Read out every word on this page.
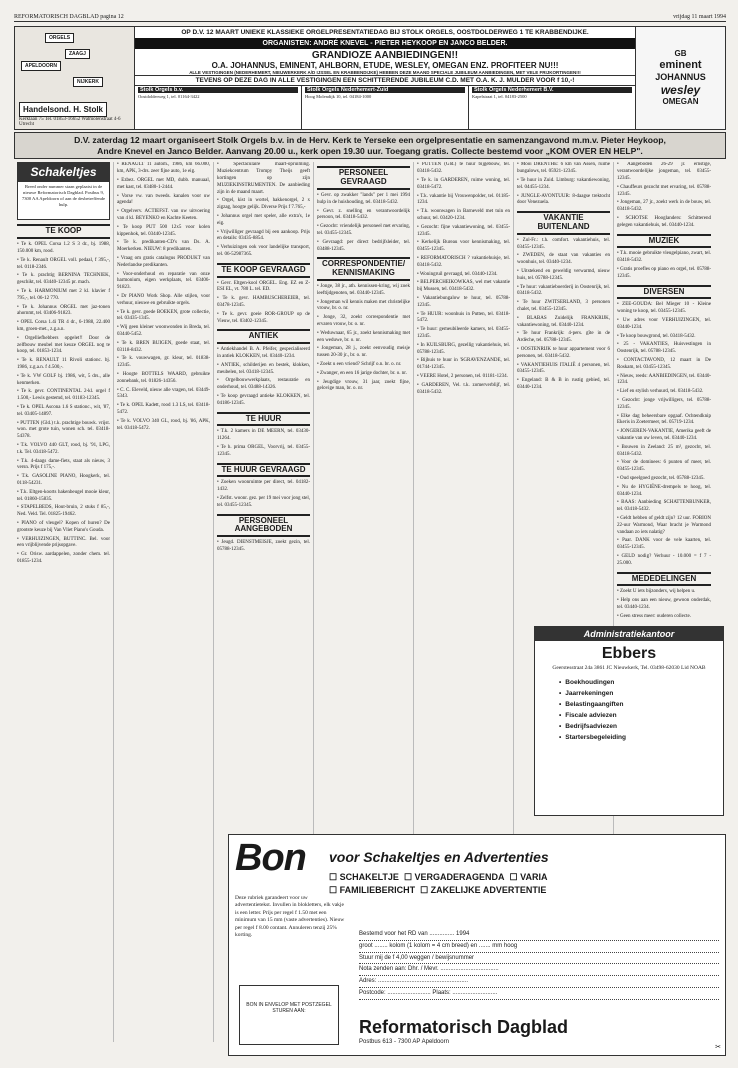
REFORMATORISCH DAGBLAD pagina 12	vrijdag 11 maart 1994
ORGELS
ZAAGJ
APELDOORN
NIJKERK
Handelsond. H. Stolk
Kerklaan 75 Tel. 01853-16652 Watmolenstraat 4-6 Utrecht
OP D.V. 12 MAART UNIEKE KLASSIEKE ORGELPRESENTATIEDAG BIJ STOLK ORGELS, OOSTDOLDERWEG 1 TE KRABBENDIJKE.
ORGANISTEN: ANDRÉ KNEVEL - PIETER HEYKOOP EN JANCO BELDER.
GRANDIOZE AANBIEDINGEN!!
O.A. JOHANNUS, EMINENT, AHLBORN, ETUDE, WESLEY, OMEGAN ENZ. PROFITEER NU!!!
ALLE VESTIGINGEN (NEDERHEMERT, NIEUWERKERK A/D IJSSEL EN KRABBENDIJKE) HEBBEN DEZE MAAND SPECIALE JUBILEUM AANBIEDINGEN, MET VELE FRIJKORTINGEN!!!
TEVENS OP DEZE DAG IN ALLE VESTIGINGEN EEN SCHITTERENDE JUBILEUM C.D. MET O.A. K. J. MULDER VOOR f 10,-!
Stolk Orgels b.v.
Oostdolderweg 1, tel. 01164-3422
Stolk Orgels Nederhemert-Zuid
Hoog Molendijk 10, tel. 04184-1000
Stolk Orgels Nederhemert B.V.
Kapelstraat 1, tel. 04183-2500
GB
eminent
JOHANNUS
wesley
OMEGAN
D.V. zaterdag 12 maart organiseert Stolk Orgels b.v. in de Herv. Kerk te Yerseke een orgelpresentatie en samenzangavond m.m.v. Pieter Heykoop,
Andre Knevel en Janco Belder. Aanvang 20.00 u., kerk open 19.30 uur. Toegang gratis. Collecte bestemd voor „KOM OVER EN HELP".
Schakeltjes
Breed onder nummer staan geplaatst in de nieuwe Reformatorisch Dagblad. Postbus 9, 7300 AA Apeldoorn of aan de desbetreffende hulp.
TE KOOP

• Te k. OPEL Corsa 1.2 S 3 dr., bj. 1988, 150.000 km, rood.

• Te k. Renault ORGEL voll. pedaal, f 395,-, tel. 0118-2346.

• Te k. prachtig BERNINA TECHNIEK, geschikt, tel. 03440-12345 pr. mach.

• Te k. HARMONIUM met 2 kl. klavier f 795,-, tel. 06-12 770.

• Te k. Johannus ORGEL met jaz-tonen ahornmt, tel. 03406-91823.

• OPEL Corsa 1.4i TR 4 dr., 6-1988, 22.400 km, groen-met., z.g.a.n.

• Orgelliefhebbers opgelet!! Door de zelfbouw meubel met keuze ORGEL nog te koop, tel. 01853-1234.

• Te k. RENAULT 11 Rivoli stationc. bj. 1986, z.g.a.n. f 4.500,-.

• Te k. VW GOLF bj. 1986, wit, 5 drs., alle kenmerken.

• Te k. gevr. CONTINENTAL 2-kl. orgel f 1.500,- Lewis gestemd, tel. 01183-12345.

• Te k. OPEL Ascona 1.6 S stationc., wit, '87, tel. 03405-14897.

• PUTTEN (Gld.) t.k. prachtige bouwk. vrijst. won. met grote tuin, wonen sch. tel. 03418-54378.

• T.k. VOLVO 440 GLT, rood, bj. '91, LPG, t.k. Tel. 03418-5472.

• T.k. 4-daags dame-fiets, staat als nieuw, 3 versn. Prijs f 175,-.

• T.k. GASOLINE PIANO, Hoogkerk, tel. 0118-54231.

• T.k. Eltgen-koorts hakenbeugel mooie kleur, tel. 01860-15835.

• STAPELBEDS, Hout-bruin, 2 stuks f 85,-, Ned. Veld. Tel. 01825-19462.

• PIANO of vleugel? Kopen of huren? De grootste keuze bij Van Vliet Piano's Gouda.

• VERHUIZINGEN, BUTTINC. Bel. voor een vrijblijvende prijsopgave.

• Gr. Orisw. aardappelen, zonder chem. tel. 01855-1234.

• RENAULT 11 autom., 1986, km 66.000, km, APK, 3-drs. zeer fijne auto, 1e eig.

• Ezbez. ORGEL met MD, dubb. manuaal, met kast, tel. 03480-1-2444.

• Vorse vw. van tweeds. kanalen voor uw agenda!

• Orgelverv. ACTIEFST. van uw uitvoering van 4 kl. BEYENKO en Kachte Keeten.

• Te koop PUT 500 12x5 voor kolen kippenhok, tel. 03440-12345.

• Te k. predikanten-CD's van Ds. A. Moerkerken. NIEUW: 8 predikanten.

• Vraag om gratis catalogus PRODUKT van Nederlandse predikanten.

• Voor-onderhoud en reparatie van onze harmonium, eigen werkplaats, tel. 03406-91823.

• Dr PIANO Work Shop. Alle stijlen, voor verhuur, nieuwe en gebruikte orgels.

• Te k. gevr. goede BOEKEN, grote collectie, tel. 03435-1345.

• Wij geen kleiner woonwonden in Breda, tel. 03440-5452.

• Te k. BREN BUIGEN, goede staat, tel. 03118-8432.

• Te k. vouwwagen, gr. kleur, tel. 01838-12345.

• Hoogte BOTTELS WAARD, gebruikte zonnebank, tel. 01826-14356.

• C. C. Eleveld, nieuw alle vragen, tel. 03449-5343.

• Te k. OPEL Kadett, rood 1.3 LS, tel. 03418-5472.

• Te k. VOLVO 340 GL, rood, bj. '86, APK, tel. 03418-5472.

• Spectaculaire maart-opruiming. Muziekcentrum Trompy Theijs geeft kortingen op zijn MUZIEKINSTRUMENTEN. De aanbieding zijn in de maand maart.

• Orgel, kist in wortel, hakkenorgel, 2 x zigzag, hoogte gelijk. Diverse Prijs f 7.765,-

• Johannus orgel met speler, alle extra's, 1e eig.

• Vrijwilliger gevraagd bij een aankoop. Prijs en details: 03435-8854.

• Verhuizingen ook voor landelijke transport, tel. 06-52987365.

TE KOOP GEVRAAGD

• Gevr. Eltgen-kool ORGEL. Eng. EZ en Z-ESI EL, vt. 780 L. tel. ED.

• Te k. gevr. HAMBUSCHEREIER, tel. 03478-12345.

• Te k. gevr. goeie ROR-GROUP op de Vieuw, tel. 03402-12345.

ANTIEK

• Antiekhandel B. A. Pfeifer, gespecialiseerd in antiek KLOKKEN, tel. 03440-1234.

• ANTIEK, schilderijen en bestek, klokken, meubelen, tel. 03418-12345.

• Orgelbouwwerkplaats, restauratie en onderhoud, tel. 03488-14326.

• Te koop gevraagd antieke KLOKKEN, tel. 04186-12345.

TE HUUR

• T.k. 2 kamers in DE MEERN, tel. 03430-11264.

• Te h. prima ORGEL, Voorvrij, tel. 03455-12345.

TE HUUR GEVRAAGD

• Zoeken woonruimte per direct, tel. 04182-1432.

• Zelfst. woonr. gez. per 19 mei voor jong stel, tel. 03455-12345.

PERSONEEL AANGEBODEN

• Jeugd. DIENSTMEISJE, zoekt gezin, tel. 05788-12345.

PERSONEEL GEVRAAGD

• Gevr. op zwakker "lands" per 1 mei 1994 hulp in de huishouding, tel. 03418-5432.

• Gevr. z. snelling en verantwoordelijk persoon, tel. 03418-5432.

• Gezocht: vriendelijk personeel met ervaring, tel. 03455-12345.

• Gevraagd: per direct bedrijfsleider, tel. 03488-12345.

CORRESPONDENTIE/ KENNISMAKING

• Jonge, 38 jr., ath. kennissen-kring, wij zoek leeftijdgenoten, tel. 03440-12345.

• Jongeman wil kennis maken met christelijke vrouw, br. o. nr.

• Jonge, 32, zoekt correspondentie met ervaren vrouw, br. o. nr.

• Weduwnaar, 65 jr., zoekt kennismaking met een weduwe, br. o. nr.

• Jongeman, 28 j., zoekt eenvoudig meisje tussen 20-30 jr., br. o. nr.

• Zoekt u een vriend? Schrijf o.n. br. o. nr.

• Zwanger, en een 16 jarige dochter, br. o. nr.

• Jeugdige vrouw, 31 jaar, zoekt fijne, gelovige man, br. o. nr.

• PUTTEN (Gld.) te huur bijgebouw, tel. 03418-5432.

• Te k. in GARDEREN, ruime woning, tel. 03418-5472.

• T.k. vakantie bij Vrouwenpolder, tel. 01185-1234.

• T.k. woonwagen in Barneveld met tuin en schuur, tel. 03420-1234.

• Gezocht: fijne vakantiewoning, tel. 03455-12345.

• Kerkelijk Bureau voor kennismaking, tel. 03455-12345.

• REFORMATORISCH ? vakantiehuisje, tel. 03418-5432.

• Woningruil gevraagd, tel. 03440-1234.

• BELPERCHEIKOWKAS, wel met vakantie bij Mussen, tel. 03418-5432.

• Vakantiebungalow te huur, tel. 05788-12345.

• Te HUUR: woonhuis in Putten, tel. 03418-5472.

• Te huur: gemeubileerde kamers, tel. 03455-12345.

• In KUILSBURG, gezellig vakantiehuis, tel. 05788-12345.

• Bijhuis te huur in 'SGRAVENZANDE, tel. 01744-12345.

• VEERE Hotel, 2 personen, tel. 01181-1234.

• GARDEREN, Vel. t.k. zomerverblijf, tel. 03418-5432.

• Mooi DRENTHE: 6 km van Assen, ruime bungalows, tel. 05921-12345.

• Te huur in Zuid. Limburg: vakantiewoning, tel. 04455-1234.

• JUNGLE-AVONTUUR: 8-daagse trektocht door Venezuela.

VAKANTIE BUITENLAND

• Zul-Fr.: t.h. comfort. vakantiehuis, tel. 03455-12345.

• ZWEDEN, de staat van vakanties en woonhuis, tel. 03440-1234.

• Uitstekend en geweldig verwarmd, nieuw huis, tel. 05788-12345.

• Te huur: vakantieboerderij in Oostenrijk, tel. 03418-5432.

• Te huur ZWITSERLAND, 3 personen chalet, tel. 03455-12345.

• BLABAS Zuidelijk FRANKRIJK, vakantiewoning, tel. 03440-1234.

• Te huur Frankrijk: 4-pers. gîte in de Ardèche, tel. 05788-12345.

• OOSTENRIJK te huur appartement voor 6 personen, tel. 03418-5432.

• VAKANTIEHUIS ITALIË 4 personen, tel. 03455-12345.

• Engeland: B & B in rustig gebied, tel. 03440-1234.

• Aangeboden 26-29 jr. ernstige, verantwoordelijke jongeman, tel. 03455-12345.

• Chauffeurs gezocht met ervaring, tel. 05788-12345.

• Jongeman, 27 jr., zoekt werk in de bouw, tel. 03418-5432.

• SCHOTSE Hooglanders: Schitterend gelegen vakantiehuis, tel. 03440-1234.

MUZIEK

• T.k. mooie gebruikte vleugelpiano, zwart, tel. 03418-5432.

• Gratis proefles op piano en orgel, tel. 05788-12345.

DIVERSEN

• ZEE-GOUDA: Bel Mieger 10 - Kleine woning te koop, tel. 03455-12345.

• Uw adres voor VERHUIZINGEN, tel. 03440-1234.

• Te koop bouwgrond, tel. 03418-5432.

• 25 - VAKANTIES, Huisvestingen in Oostenrijk, tel. 05788-12345.

• CONTACTAVOND, 12 maart in De Roskam, tel. 03455-12345.

• Nieuw, reeds: AANBIEDINGEN, tel. 03440-1234.

• Lief en stylish verhuurd, tel. 03418-5432.

• Gezocht: jonge vrijwilligers, tel. 05788-12345.

• Elke dag beheersbare opgaaf. Ochtendknip Ekeris in Zoetermeer, tel. 05719-1234.

• JONGEREN-VAKANTIE, Amerika geeft de vakantie van uw leven, tel. 03440-1234.

• Bouwen in Zeeland: 25 m², gezocht, tel. 03418-5432.

• Voor de dominees: 6 punten of meer, tel. 03455-12345.

• Oud speelgoed gezocht, tel. 05788-12345.

• Nu de HYGIËNE-drempels te hoog, tel. 03440-1234.

• BAAS: Aanbieding SCHATTENBUNKER, tel. 03418-5432.

• Geldt hebben of geldt zijn? 12 uur. FOBION 22-uur Warmond, Waar bracht je Warmond vandaan zo iets nalatig?

• Paar. DANK voor de vele kaarten, tel. 03455-12345.

• GELD nodig? Verhuur - 10.000 = f 7 - 25.000.

MEDEDELINGEN

• Zoekt U iets bijzonders, wij helpen u.

• Help ons aan een nieuw, gewoon onderdak, tel. 03440-1234.

• Geen stress meer: ouderen collecte.

Administratiekantoor
Ebbers
Geerstesstraat 24a 3861 JC Nieuwkerk, Tel. 03498-62030 Lid NOAB
• Boekhoudingen
• Jaarrekeningen
• Belastingaangiften
• Fiscale adviezen
• Bedrijfsadviezen
• Startersbegeleiding
Bon voor Schakeltjes en Advertenties
☐ SCHAKELTJE ☐ VERGADERAGENDA ☐ VARIA
☐ FAMILIEBERICHT ☐ ZAKELIJKE ADVERTENTIE
Deze rubriek garandeert voor uw advertentietekst. Invullen in blokletters, elk vakje is een letter. Prijs per regel f 1.50 met een minimum van 15 mm (vaste advertenties). Nieuw per regel f 8.00 contant. Annuleren tenzij 25% korting.	Bestemd voor het RD van ............... 1994
groot ........ kolom (1 kolom = 4 cm breed) en ....... mm hoog
Stuur mij de f 4,00 weggen / bewijsnummer
Nota zenden aan: Dhr. / Mevr. ...................................
Adres: ......................................................
Postcode: .......................... Plaats: ...........................
BON IN ENVELOP MET POSTZEGEL STUREN AAN:
Reformatorisch Dagblad
Postbus 613 - 7300 AP Apeldoorn
✂
